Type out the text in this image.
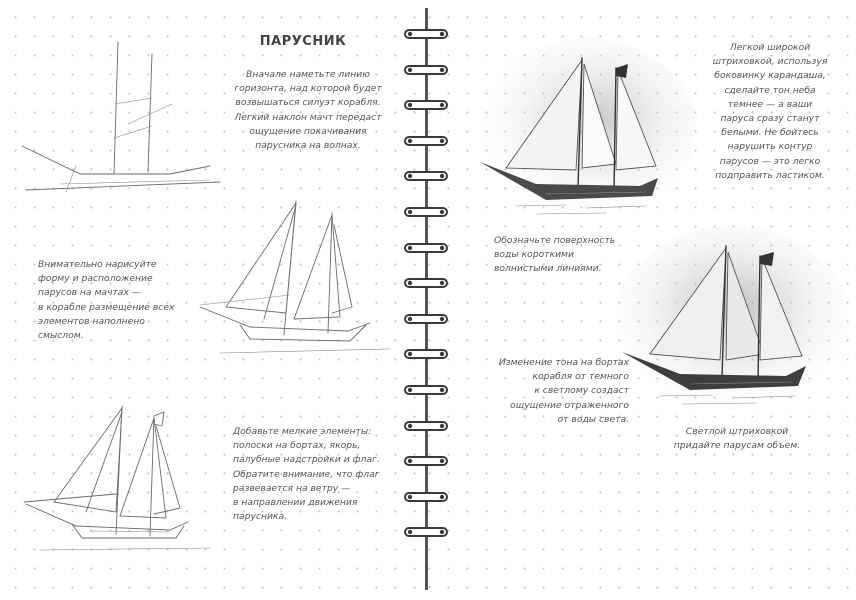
ПАРУСНИК

Вначале наметьте линию
горизонта, над которой будет
возвышаться силуэт корабля.
Легкий наклон мачт передаст
ощущение покачивания
парусника на волнах.

Внимательно нарисуйте
форму и расположение
парусов на мачтах —
в корабле размещение всех
элементов наполнено
смыслом.

Добавьте мелкие элементы:
полоски на бортах, якорь,
палубные надстройки и флаг.
Обратите внимание, что флаг
развевается на ветру —
в направлении движения
парусника.

Легкой широкой
штриховкой, используя
боковинку карандаша,
сделайте тон неба
темнее — а ваши
паруса сразу станут
белыми. Не бойтесь
нарушить контур
парусов — это легко
подправить ластиком.

Обозначьте поверхность
воды короткими
волнистыми линиями.

Изменение тона на бортах
корабля от темного
к светлому создаст
ощущение отраженного
от воды света.

Светлой штриховкой
придайте парусам объем.
